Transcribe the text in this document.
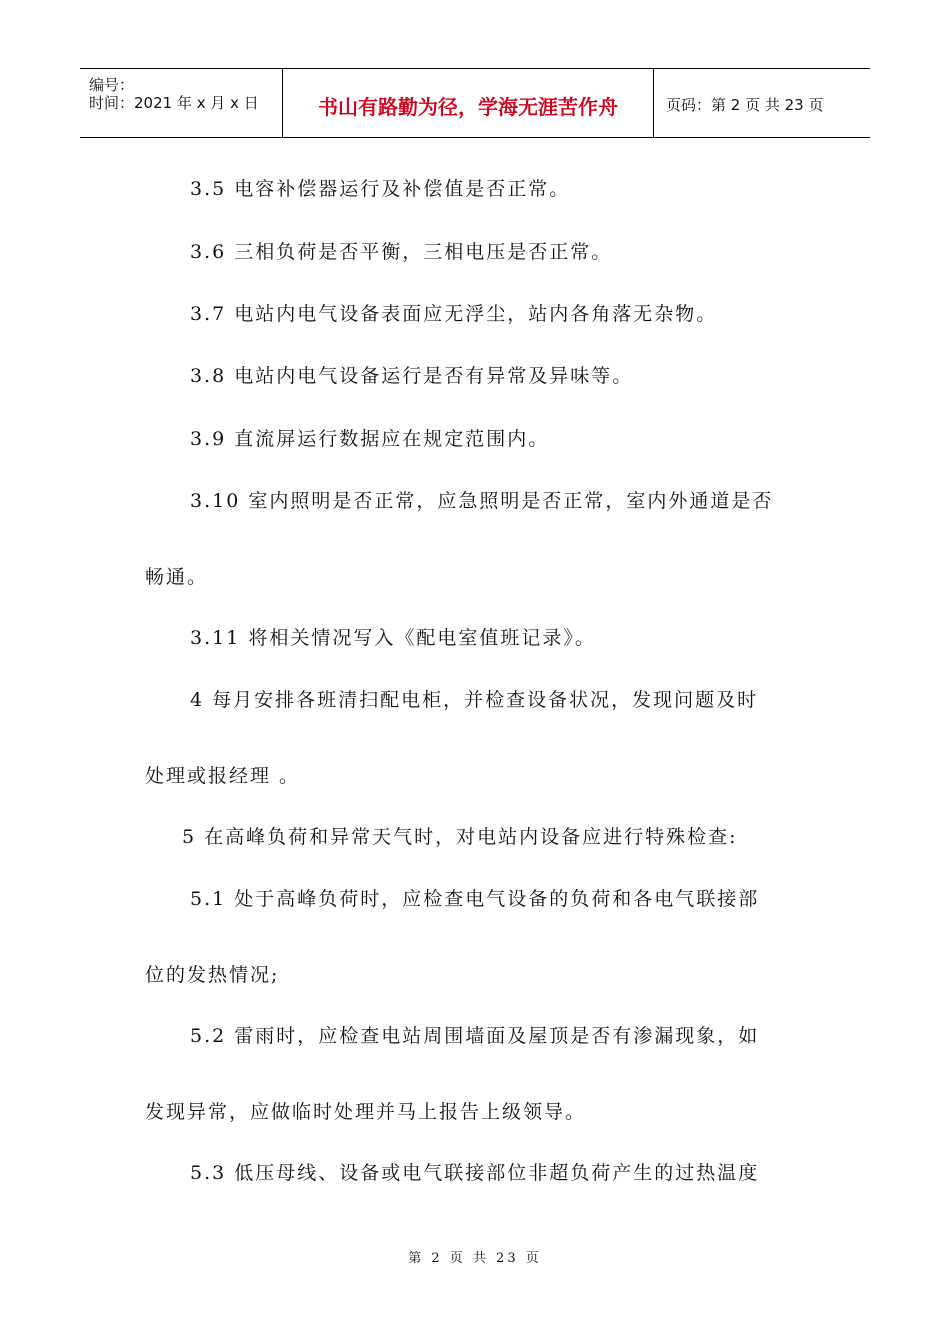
编号：
时间：2021 年 x 月 x 日	书山有路勤为径，学海无涯苦作舟	页码：第 2 页 共 23 页
3.5 电容补偿器运行及补偿值是否正常。
3.6 三相负荷是否平衡，三相电压是否正常。
3.7 电站内电气设备表面应无浮尘，站内各角落无杂物。
3.8 电站内电气设备运行是否有异常及异味等。
3.9 直流屏运行数据应在规定范围内。
3.10 室内照明是否正常，应急照明是否正常，室内外通道是否
畅通。
3.11 将相关情况写入《配电室值班记录》。
4 每月安排各班清扫配电柜，并检查设备状况，发现问题及时
处理或报经理 。
5 在高峰负荷和异常天气时，对电站内设备应进行特殊检查:
5.1 处于高峰负荷时，应检查电气设备的负荷和各电气联接部
位的发热情况;
5.2 雷雨时，应检查电站周围墙面及屋顶是否有渗漏现象，如
发现异常，应做临时处理并马上报告上级领导。
5.3 低压母线、设备或电气联接部位非超负荷产生的过热温度
第 2 页 共 23 页
